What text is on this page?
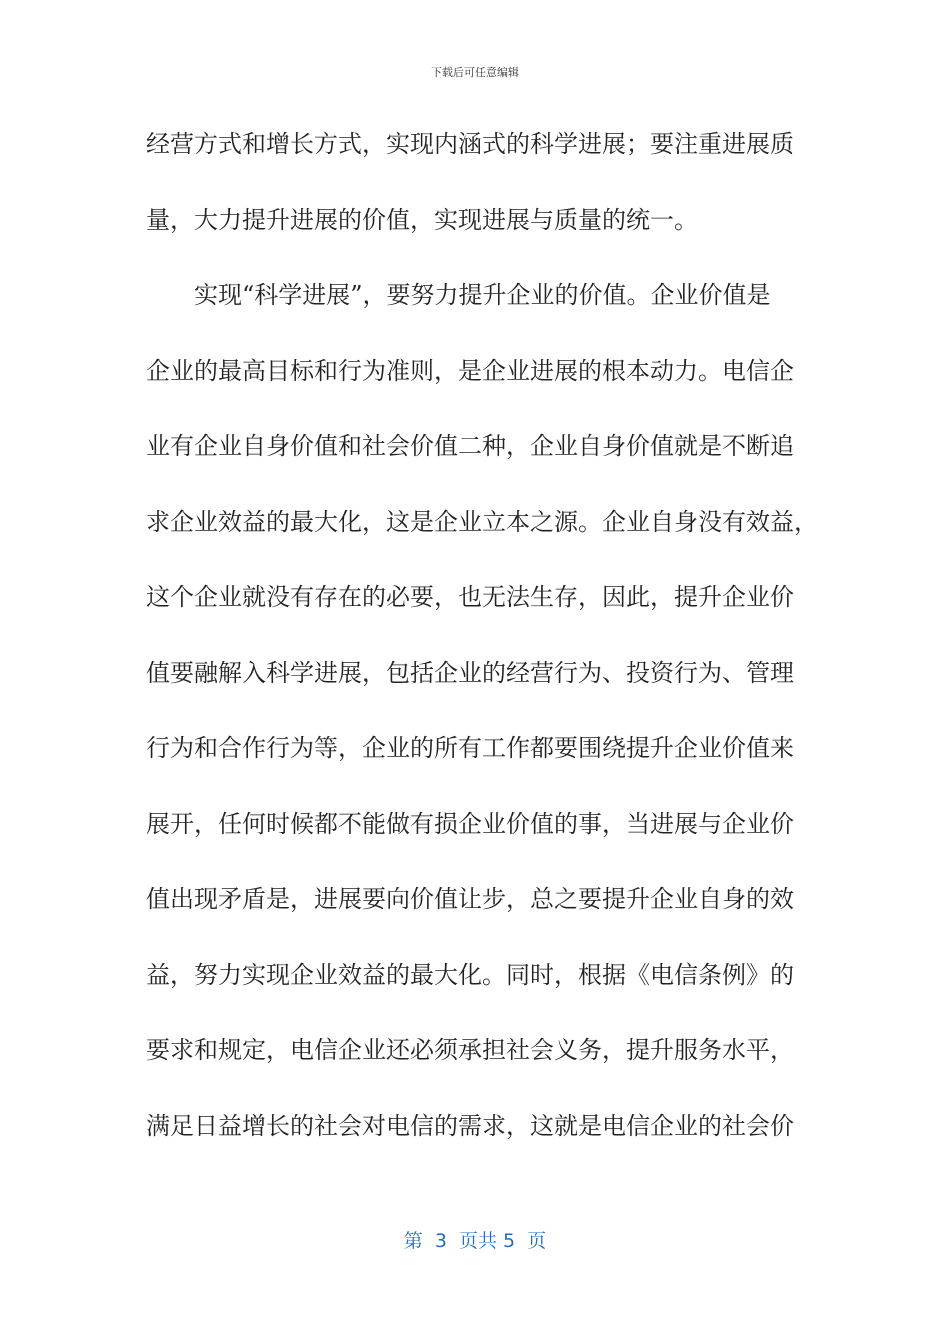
下载后可任意编辑
经营方式和增长方式，实现内涵式的科学进展；要注重进展质
量，大力提升进展的价值，实现进展与质量的统一。
实现“科学进展”，要努力提升企业的价值。企业价值是
企业的最高目标和行为准则，是企业进展的根本动力。电信企
业有企业自身价值和社会价值二种，企业自身价值就是不断追
求企业效益的最大化，这是企业立本之源。企业自身没有效益，
这个企业就没有存在的必要，也无法生存，因此，提升企业价
值要融解入科学进展，包括企业的经营行为、投资行为、管理
行为和合作行为等，企业的所有工作都要围绕提升企业价值来
展开，任何时候都不能做有损企业价值的事，当进展与企业价
值出现矛盾是，进展要向价值让步，总之要提升企业自身的效
益，努力实现企业效益的最大化。同时，根据《电信条例》的
要求和规定，电信企业还必须承担社会义务，提升服务水平，
满足日益增长的社会对电信的需求，这就是电信企业的社会价
第  3  页共 5  页
